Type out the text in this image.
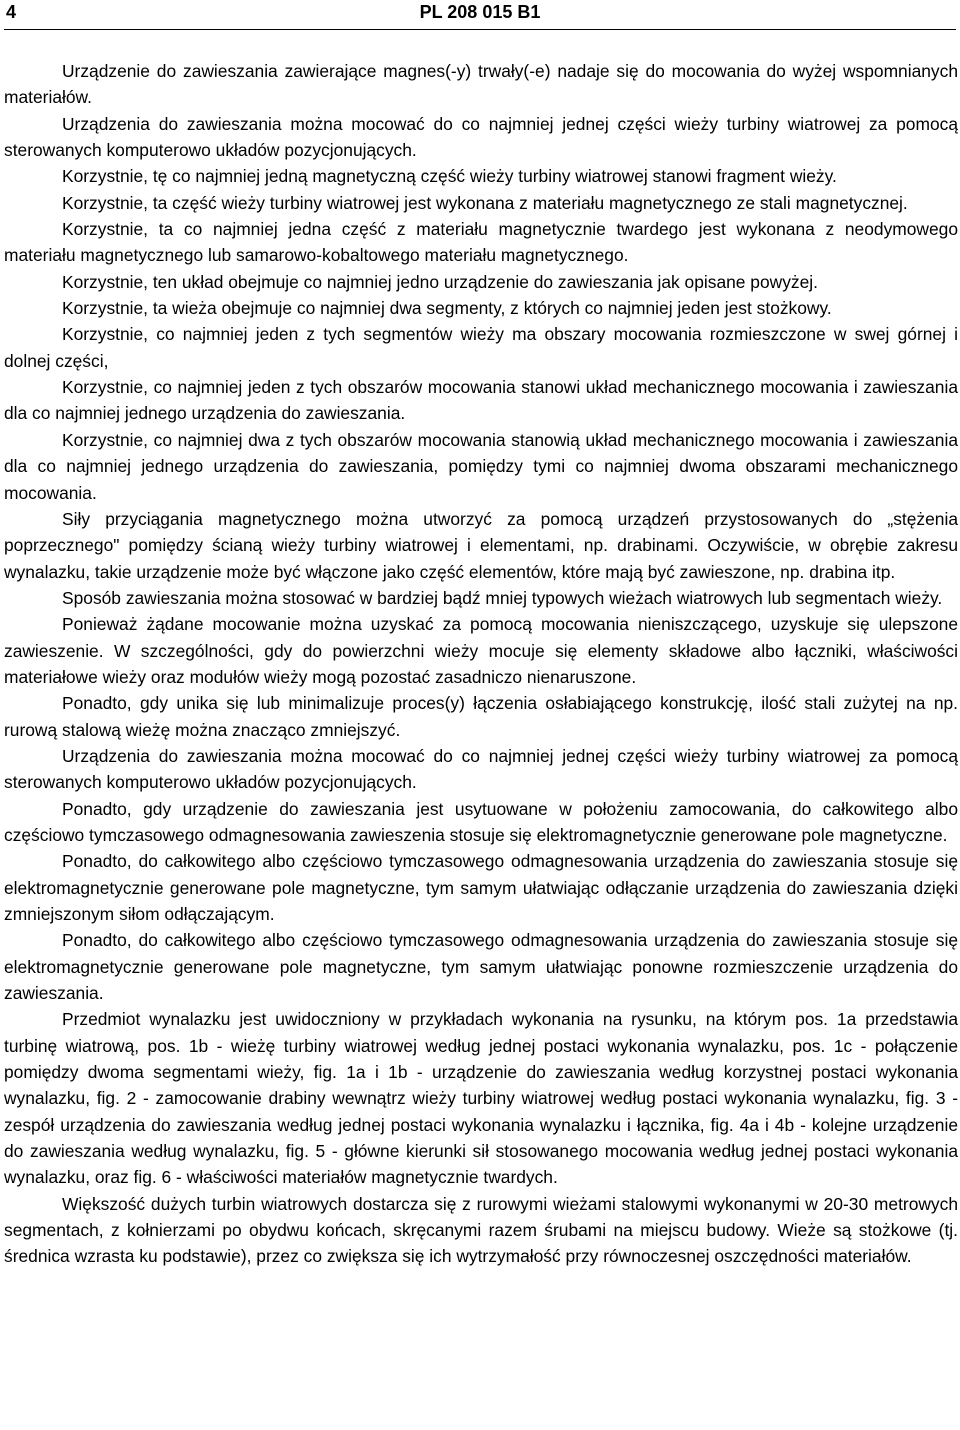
4	PL 208 015 B1

Urządzenie do zawieszania zawierające magnes(-y) trwały(-e) nadaje się do mocowania do wyżej wspomnianych materiałów.

Urządzenia do zawieszania można mocować do co najmniej jednej części wieży turbiny wiatrowej za pomocą sterowanych komputerowo układów pozycjonujących.

Korzystnie, tę co najmniej jedną magnetyczną część wieży turbiny wiatrowej stanowi fragment wieży.

Korzystnie, ta część wieży turbiny wiatrowej jest wykonana z materiału magnetycznego ze stali magnetycznej.

Korzystnie, ta co najmniej jedna część z materiału magnetycznie twardego jest wykonana z neodymowego materiału magnetycznego lub samarowo-kobaltowego materiału magnetycznego.

Korzystnie, ten układ obejmuje co najmniej jedno urządzenie do zawieszania jak opisane powyżej.

Korzystnie, ta wieża obejmuje co najmniej dwa segmenty, z których co najmniej jeden jest stożkowy.

Korzystnie, co najmniej jeden z tych segmentów wieży ma obszary mocowania rozmieszczone w swej górnej i dolnej części,

Korzystnie, co najmniej jeden z tych obszarów mocowania stanowi układ mechanicznego mocowania i zawieszania dla co najmniej jednego urządzenia do zawieszania.

Korzystnie, co najmniej dwa z tych obszarów mocowania stanowią układ mechanicznego mocowania i zawieszania dla co najmniej jednego urządzenia do zawieszania, pomiędzy tymi co najmniej dwoma obszarami mechanicznego mocowania.

Siły przyciągania magnetycznego można utworzyć za pomocą urządzeń przystosowanych do „stężenia poprzecznego" pomiędzy ścianą wieży turbiny wiatrowej i elementami, np. drabinami. Oczywiście, w obrębie zakresu wynalazku, takie urządzenie może być włączone jako część elementów, które mają być zawieszone, np. drabina itp.

Sposób zawieszania można stosować w bardziej bądź mniej typowych wieżach wiatrowych lub segmentach wieży.

Ponieważ żądane mocowanie można uzyskać za pomocą mocowania nieniszczącego, uzyskuje się ulepszone zawieszenie. W szczególności, gdy do powierzchni wieży mocuje się elementy składowe albo łączniki, właściwości materiałowe wieży oraz modułów wieży mogą pozostać zasadniczo nienaruszone.

Ponadto, gdy unika się lub minimalizuje proces(y) łączenia osłabiającego konstrukcję, ilość stali zużytej na np. rurową stalową wieżę można znacząco zmniejszyć.

Urządzenia do zawieszania można mocować do co najmniej jednej części wieży turbiny wiatrowej za pomocą sterowanych komputerowo układów pozycjonujących.

Ponadto, gdy urządzenie do zawieszania jest usytuowane w położeniu zamocowania, do całkowitego albo częściowo tymczasowego odmagnesowania zawieszenia stosuje się elektromagnetycznie generowane pole magnetyczne.

Ponadto, do całkowitego albo częściowo tymczasowego odmagnesowania urządzenia do zawieszania stosuje się elektromagnetycznie generowane pole magnetyczne, tym samym ułatwiając odłączanie urządzenia do zawieszania dzięki zmniejszonym siłom odłączającym.

Ponadto, do całkowitego albo częściowo tymczasowego odmagnesowania urządzenia do zawieszania stosuje się elektromagnetycznie generowane pole magnetyczne, tym samym ułatwiając ponowne rozmieszczenie urządzenia do zawieszania.

Przedmiot wynalazku jest uwidoczniony w przykładach wykonania na rysunku, na którym pos. 1a przedstawia turbinę wiatrową, pos. 1b - wieżę turbiny wiatrowej według jednej postaci wykonania wynalazku, pos. 1c - połączenie pomiędzy dwoma segmentami wieży, fig. 1a i 1b - urządzenie do zawieszania według korzystnej postaci wykonania wynalazku, fig. 2 - zamocowanie drabiny wewnątrz wieży turbiny wiatrowej według postaci wykonania wynalazku, fig. 3 - zespół urządzenia do zawieszania według jednej postaci wykonania wynalazku i łącznika, fig. 4a i 4b - kolejne urządzenie do zawieszania według wynalazku, fig. 5 - główne kierunki sił stosowanego mocowania według jednej postaci wykonania wynalazku, oraz fig. 6 - właściwości materiałów magnetycznie twardych.

Większość dużych turbin wiatrowych dostarcza się z rurowymi wieżami stalowymi wykonanymi w 20-30 metrowych segmentach, z kołnierzami po obydwu końcach, skręcanymi razem śrubami na miejscu budowy. Wieże są stożkowe (tj. średnica wzrasta ku podstawie), przez co zwiększa się ich wytrzymałość przy równoczesnej oszczędności materiałów.
